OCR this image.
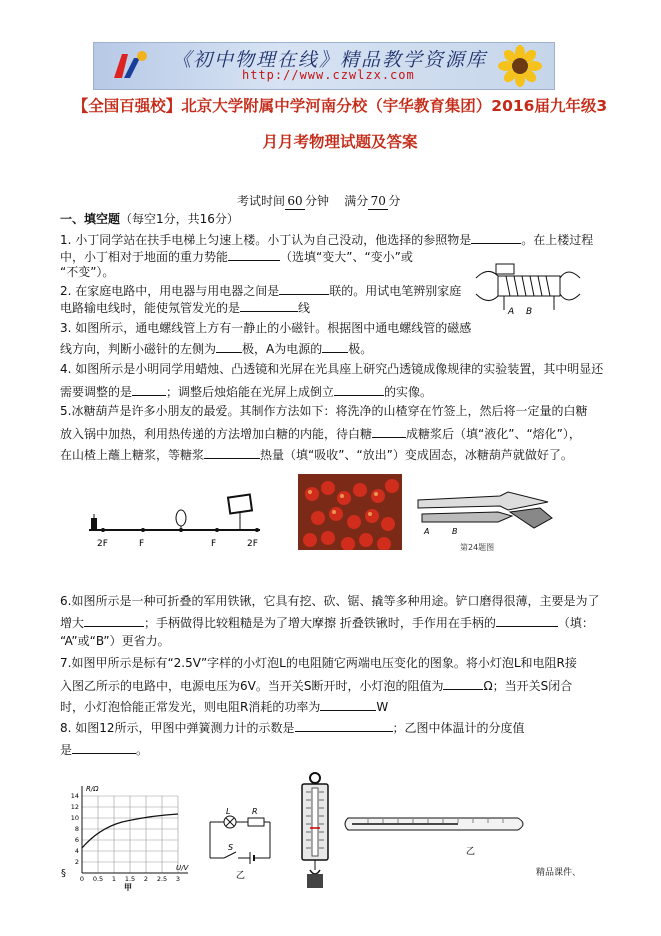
《初中物理在线》精品教学资源库
http://www.czwlzx.com
【全国百强校】北京大学附属中学河南分校（宇华教育集团）2016届九年级3
月月考物理试题及答案
考试时间 60 分钟 满分 70 分
一、填空题（每空1分，共16分）
1. 小丁同学站在扶手电梯上匀速上楼。小丁认为自己没动，他选择的参照物是	。在上楼过程
中，小丁相对于地面的重力势能	（选填“变大”、“变小”或
“不变”）。
2. 在家庭电路中，用电器与用电器之间是	联的。用试电笔辨别家庭
电路输电线时，能使氖管发光的是	线	A B
3. 如图所示，通电螺线管上方有一静止的小磁针。根据图中通电螺线管的磁感
线方向，判断小磁针的左侧为 极，A为电源的 极。
4. 如图所示是小明同学用蜡烛、凸透镜和光屏在光具座上研究凸透镜成像规律的实验装置，其中明显还
需要调整的是	；调整后烛焰能在光屏上成倒立	的实像。
5.冰糖葫芦是许多小朋友的最爱。其制作方法如下：将洗净的山楂穿在竹签上，然后将一定量的白糖
放入锅中加热，利用热传递的方法增加白糖的内能，待白糖	成糖浆后（填“液化”、“熔化”），
在山楂上蘸上糖浆，等糖浆	热量（填“吸收”、“放出”）变成固态，冰糖葫芦就做好了。
2F	F	F	2F
A	B
第24题图
6.如图所示是一种可折叠的军用铁锹，它具有挖、砍、锯、撬等多种用途。铲口磨得很薄，主要是为了
增大	；手柄做得比较粗糙是为了增大摩擦 折叠铁锹时，手作用在手柄的	（填：
“A”或“B”）更省力。
7.如图甲所示是标有“2.5V”字样的小灯泡L的电阻随它两端电压变化的图象。将小灯泡L和电阻R接
入图乙所示的电路中，电源电压为6V。当开关S断开时，小灯泡的阻值为	Ω；当开关S闭合
时，小灯泡恰能正常发光，则电阻R消耗的功率为	W
8. 如图12所示，甲图中弹簧测力计的示数是	；乙图中体温计的分度值
是	。
R/Ω
U/V
14
12
10
8
6
4
2
0 0.5 1 1.5 2 2.5 3
甲
L	R
S
乙
乙
§	精品课件、
